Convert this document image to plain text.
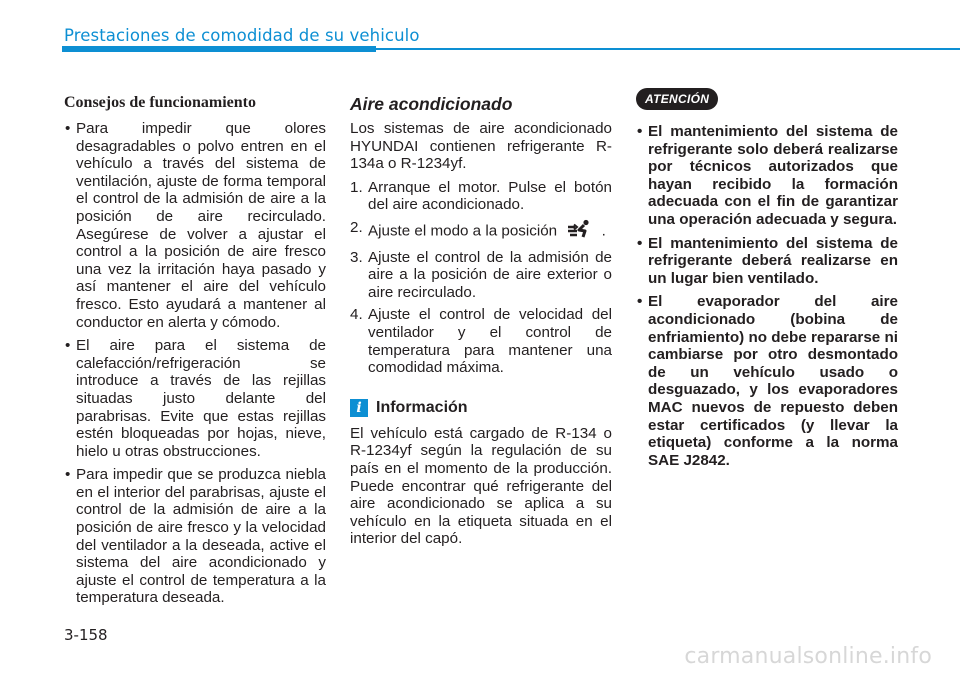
Prestaciones de comodidad de su vehiculo
Consejos de funcionamiento
• Para impedir que olores desagradables o polvo entren en el vehículo a través del sistema de ventilación, ajuste de forma temporal el control de la admisión de aire a la posición de aire recirculado. Asegúrese de volver a ajustar el control a la posición de aire fresco una vez la irritación haya pasado y así mantener el aire del vehículo fresco. Esto ayudará a mantener al conductor en alerta y cómodo.
• El aire para el sistema de calefacción/refrigeración se introduce a través de las rejillas situadas justo delante del parabrisas. Evite que estas rejillas estén bloqueadas por hojas, nieve, hielo u otras obstrucciones.
• Para impedir que se produzca niebla en el interior del parabrisas, ajuste el control de la admisión de aire a la posición de aire fresco y la velocidad del ventilador a la deseada, active el sistema del aire acondicionado y ajuste el control de temperatura a la temperatura deseada.
Aire acondicionado

Los sistemas de aire acondicionado HYUNDAI contienen refrigerante R-134a o R-1234yf.

1. Arranque el motor. Pulse el botón del aire acondicionado.
2. Ajuste el modo a la posición	.
3. Ajuste el control de la admisión de aire a la posición de aire exterior o aire recirculado.
4. Ajuste el control de velocidad del ventilador y el control de temperatura para mantener una comodidad máxima.
i Información

El vehículo está cargado de R-134 o R-1234yf según la regulación de su país en el momento de la producción. Puede encontrar qué refrigerante del aire acondicionado se aplica a su vehículo en la etiqueta situada en el interior del capó.

ATENCIÓN
• El mantenimiento del sistema de refrigerante solo deberá realizarse por técnicos autorizados que hayan recibido la formación adecuada con el fin de garantizar una operación adecuada y segura.
• El mantenimiento del sistema de refrigerante deberá realizarse en un lugar bien ventilado.
• El evaporador del aire acondicionado (bobina de enfriamiento) no debe repararse ni cambiarse por otro desmontado de un vehículo usado o desguazado, y los evaporadores MAC nuevos de repuesto deben estar certificados (y llevar la etiqueta) conforme a la norma SAE J2842.
3-158
carmanualsonline.info
